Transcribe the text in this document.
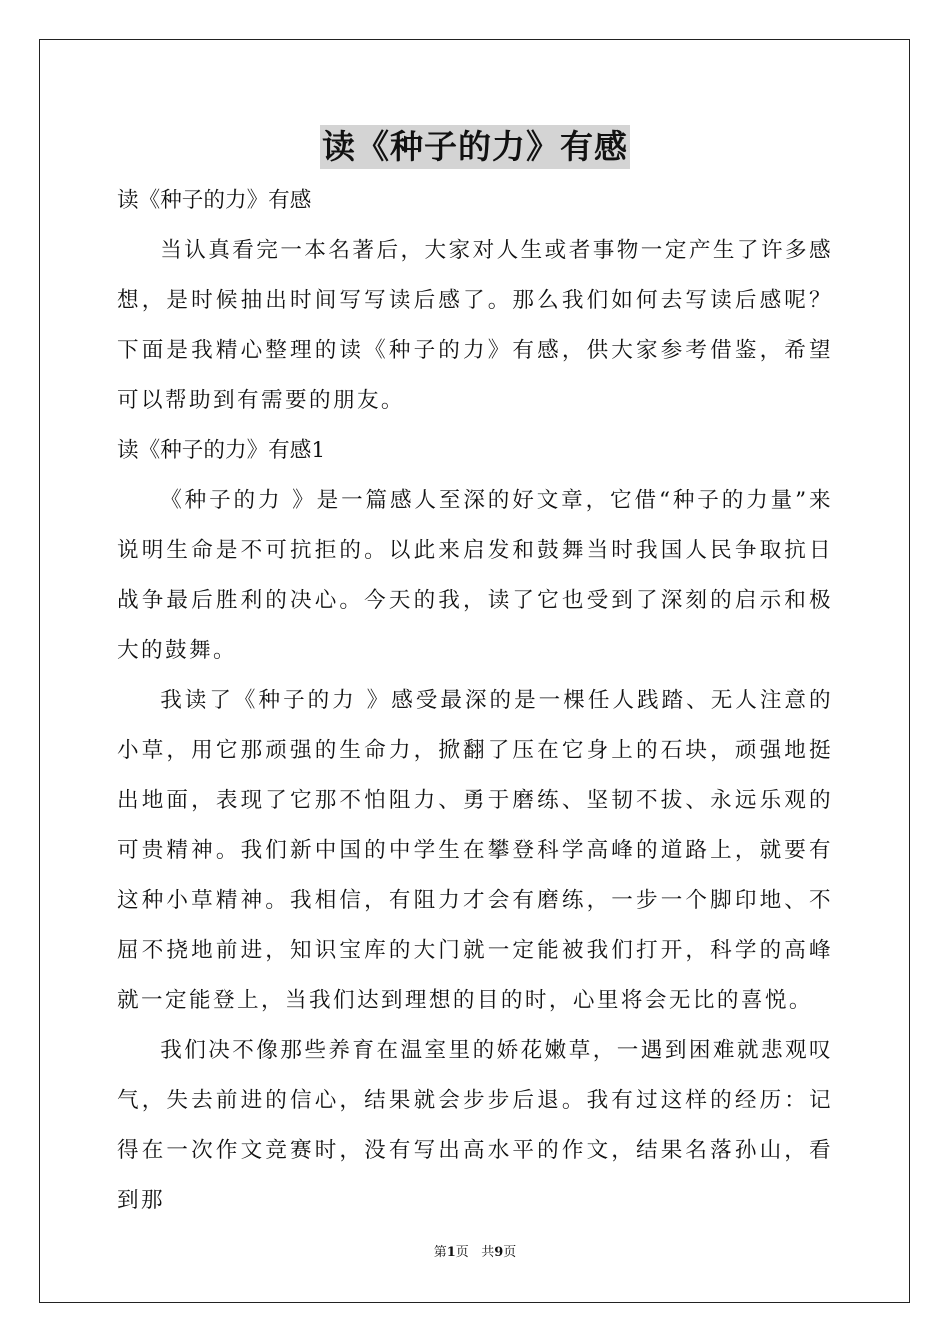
读《种子的力》有感

读《种子的力》有感

当认真看完一本名著后，大家对人生或者事物一定产生了许多感想，是时候抽出时间写写读后感了。那么我们如何去写读后感呢？下面是我精心整理的读《种子的力》有感，供大家参考借鉴，希望可以帮助到有需要的朋友。

读《种子的力》有感1

《种子的力 》是一篇感人至深的好文章，它借“种子的力量”来说明生命是不可抗拒的。以此来启发和鼓舞当时我国人民争取抗日战争最后胜利的决心。今天的我，读了它也受到了深刻的启示和极大的鼓舞。

我读了《种子的力 》感受最深的是一棵任人践踏、无人注意的小草，用它那顽强的生命力，掀翻了压在它身上的石块，顽强地挺出地面，表现了它那不怕阻力、勇于磨练、坚韧不拔、永远乐观的可贵精神。我们新中国的中学生在攀登科学高峰的道路上，就要有这种小草精神。我相信，有阻力才会有磨练，一步一个脚印地、不屈不挠地前进，知识宝库的大门就一定能被我们打开，科学的高峰就一定能登上，当我们达到理想的目的时，心里将会无比的喜悦。

我们决不像那些养育在温室里的娇花嫩草，一遇到困难就悲观叹气，失去前进的信心，结果就会步步后退。我有过这样的经历：记得在一次作文竞赛时，没有写出高水平的作文，结果名落孙山，看到那

第1页 共9页
